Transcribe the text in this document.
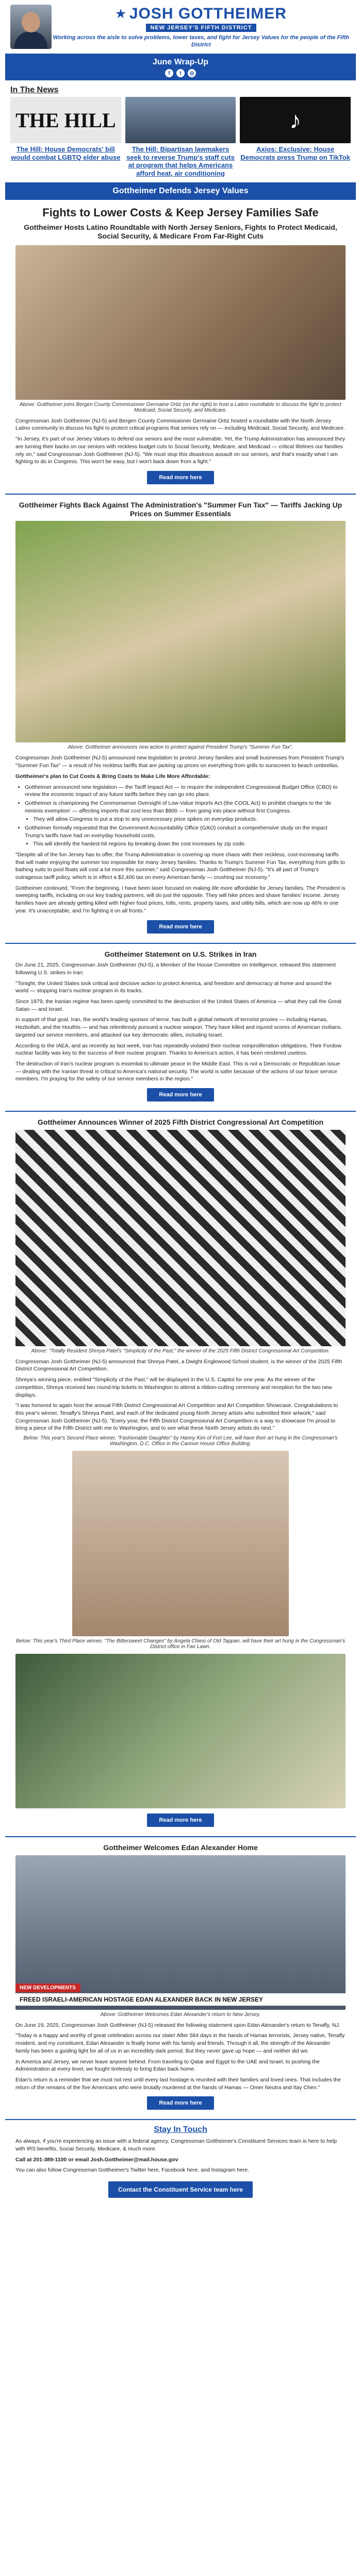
★ JOSH GOTTHEIMER
NEW JERSEY'S FIFTH DISTRICT
Working across the aisle to solve problems, lower taxes, and fight for Jersey Values for the people of the Fifth District
June Wrap-Up
f	t	◎
In The News
THE HILL
The Hill: House Democrats' bill would combat LGBTQ elder abuse
The Hill: Bipartisan lawmakers seek to reverse Trump's staff cuts at program that helps Americans afford heat, air conditioning
♪
Axios: Exclusive: House Democrats press Trump on TikTok
Gottheimer Defends Jersey Values
Fights to Lower Costs & Keep Jersey Families Safe
Gottheimer Hosts Latino Roundtable with North Jersey Seniors, Fights to Protect Medicaid, Social Security, & Medicare From Far-Right Cuts
Above: Gottheimer joins Bergen County Commissioner Germaine Ortiz (on the right) to host a Latino roundtable to discuss the fight to protect Medicaid, Social Security, and Medicare.

Congressman Josh Gottheimer (NJ-5) and Bergen County Commissioner Germaine Ortiz hosted a roundtable with the North Jersey Latino community to discuss his fight to protect critical programs that seniors rely on — including Medicaid, Social Security, and Medicare.

"In Jersey, it's part of our Jersey Values to defend our seniors and the most vulnerable. Yet, the Trump Administration has announced they are turning their backs on our seniors with reckless budget cuts to Social Security, Medicare, and Medicaid — critical lifelines our families rely on," said Congressman Josh Gottheimer (NJ-5). "We must stop this disastrous assault on our seniors, and that's exactly what I am fighting to do in Congress. This won't be easy, but I won't back down from a fight."

Read more here
Gottheimer Fights Back Against The Administration's "Summer Fun Tax" — Tariffs Jacking Up Prices on Summer Essentials
Above: Gottheimer announces new action to protect against President Trump's "Summer Fun Tax".

Congressman Josh Gottheimer (NJ-5) announced new legislation to protect Jersey families and small businesses from President Trump's "Summer Fun Tax" — a result of his reckless tariffs that are jacking up prices on everything from grills to sunscreen to beach umbrellas.

Gottheimer's plan to Cut Costs & Bring Costs to Make Life More Affordable:

• Gottheimer announced new legislation — the Tariff Impact Act — to require the independent Congressional Budget Office (CBO) to review the economic impact of any future tariffs before they can go into place.
• Gottheimer is championing the Commonsense Oversight of Low-Value Imports Act (the COOL Act) to prohibit changes to the 'de minimis exemption' — affecting imports that cost less than $800 — from going into place without first Congress.
• They will allow Congress to put a stop to any unnecessary price spikes on everyday products.
• Gottheimer formally requested that the Government Accountability Office (GAO) conduct a comprehensive study on the impact Trump's tariffs have had on everyday household costs.
• This will identify the hardest-hit regions by breaking down the cost increases by zip code.

"Despite all of the fun Jersey has to offer, the Trump Administration is covering up more chaos with their reckless, cost-increasing tariffs that will make enjoying the summer too impossible for many Jersey families. Thanks to Trump's Summer Fun Tax, everything from grills to bathing suits to pool floats will cost a lot more this summer," said Congressman Josh Gottheimer (NJ-5). "It's all part of Trump's outrageous tariff policy, which is in effect a $2,400 tax on every American family — crushing our economy."

Gottheimer continued, "From the beginning, I have been laser focused on making life more affordable for Jersey families. The President is sweeping tariffs, including on our key trading partners, will do just the opposite. They will hike prices and shave families' income. Jersey families have are already getting killed with higher food prices, tolls, rents, property taxes, and utility bills, which are now up 46% in one year. It's unacceptable, and I'm fighting it on all fronts."

Read more here
Gottheimer Statement on U.S. Strikes in Iran

On June 21, 2025, Congressman Josh Gottheimer (NJ-5), a Member of the House Committee on Intelligence, released this statement following U.S. strikes in Iran:

"Tonight, the United States took critical and decisive action to protect America, and freedom and democracy at home and around the world — stopping Iran's nuclear program in its tracks.

Since 1979, the Iranian regime has been openly committed to the destruction of the United States of America — what they call the Great Satan — and Israel.

In support of that goal, Iran, the world's leading sponsor of terror, has built a global network of terrorist proxies — including Hamas, Hezbollah, and the Houthis — and has relentlessly pursued a nuclear weapon. They have killed and injured scores of American civilians, targeted our service members, and attacked our key democratic allies, including Israel.

According to the IAEA, and as recently as last week, Iran has repeatedly violated their nuclear nonproliferation obligations. Their Fordow nuclear facility was key to the success of their nuclear program. Thanks to America's action, it has been rendered useless.

The destruction of Iran's nuclear program is essential to ultimate peace in the Middle East. This is not a Democratic or Republican issue — dealing with the Iranian threat is critical to America's national security. The world is safer because of the actions of our brave service members. I'm praying for the safety of our service members in the region."

Read more here
Gottheimer Announces Winner of 2025 Fifth District Congressional Art Competition
Above: "Totally Resident Shreya Patel's "Simplicity of the Past," the winner of the 2025 Fifth District Congressional Art Competition.

Congressman Josh Gottheimer (NJ-5) announced that Shreya Patel, a Dwight Englewood School student, is the winner of the 2025 Fifth District Congressional Art Competition.

Shreya's winning piece, entitled "Simplicity of the Past," will be displayed in the U.S. Capitol for one year. As the winner of the competition, Shreya received two round-trip tickets to Washington to attend a ribbon-cutting ceremony and reception for the two new displays.

"I was honored to again host the annual Fifth District Congressional Art Competition and Art Competition Showcase. Congratulations to this year's winner, Tenafly's Shreya Patel, and each of the dedicated young North Jersey artists who submitted their artwork," said Congressman Josh Gottheimer (NJ-5). "Every year, the Fifth District Congressional Art Competition is a way to showcase I'm proud to bring a piece of the Fifth District with me to Washington, and to see what these North Jersey artists do next."

Below: This year's Second Place winner, "Fashionable Daughter" by Hanny Kim of Fort Lee, will have their art hung in the Congressman's Washington, D.C. Office in the Cannon House Office Building.
Below: This year's Third Place winner, "The Bittersweet Changes" by Angela Chiesi of Old Tappan, will have their art hung in the Congressman's District office in Fair Lawn.
Read more here
Gottheimer Welcomes Edan Alexander Home
NEW DEVELOPMENTS
FREED ISRAELI-AMERICAN HOSTAGE EDAN ALEXANDER BACK IN NEW JERSEY
Above: Gottheimer Welcomes Edan Alexander's return to New Jersey.

On June 19, 2025, Congressman Josh Gottheimer (NJ-5) released the following statement upon Edan Alexander's return to Tenafly, NJ.

"Today is a happy and worthy of great celebration across our state! After 584 days in the hands of Hamas terrorists, Jersey native, Tenafly resident, and my constituent, Edan Alexander is finally home with his family and friends. Through it all, the strength of the Alexander family has been a guiding light for all of us in an incredibly dark period. But they never gave up hope — and neither did we.

In America and Jersey, we never leave anyone behind. From traveling to Qatar and Egypt to the UAE and Israel, to pushing the Administration at every level, we fought tirelessly to bring Edan back home.

Edan's return is a reminder that we must not rest until every last hostage is reunited with their families and loved ones. That includes the return of the remains of the five Americans who were brutally murdered at the hands of Hamas — Omer Neutra and Itay Chen."

Read more here
Stay In Touch

As always, if you're experiencing an issue with a federal agency, Congressman Gottheimer's Constituent Services team is here to help with IRS benefits, Social Security, Medicare, & much more.

Call at 201-389-1100 or email Josh.Gottheimer@mail.house.gov

You can also follow Congressman Gottheimer's Twitter here, Facebook here, and Instagram here.

Contact the Constituent Service team here
